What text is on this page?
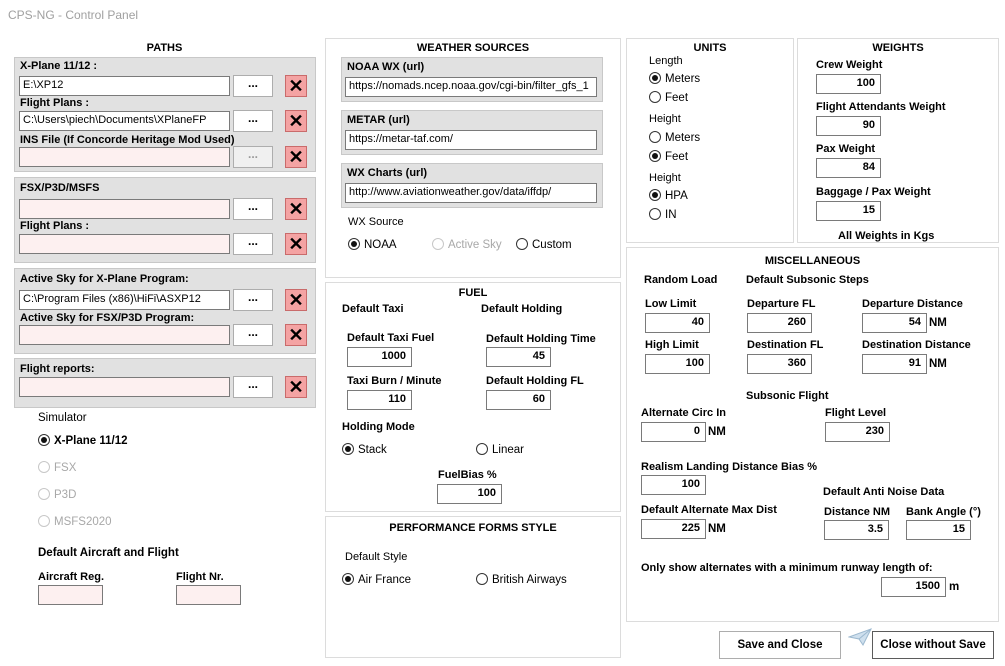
CPS-NG - Control Panel
PATHS
X-Plane 11/12 :
E:\XP12	...	✕
Flight Plans :
C:\Users\piech\Documents\XPlaneFP	...	✕
INS File (If Concorde Heritage Mod Used)
...	✕
FSX/P3D/MSFS
...	✕
Flight Plans :
...	✕
Active Sky for X-Plane Program:
C:\Program Files (x86)\HiFi\ASXP12	...	✕
Active Sky for FSX/P3D Program:
...	✕
Flight reports:
...	✕
Simulator
X-Plane 11/12
FSX
P3D
MSFS2020
Default Aircraft and Flight
Aircraft Reg.	Flight Nr.
WEATHER SOURCES
NOAA WX (url)
https://nomads.ncep.noaa.gov/cgi-bin/filter_gfs_1
METAR (url)
https://metar-taf.com/
WX Charts (url)
http://www.aviationweather.gov/data/iffdp/
WX Source
NOAA	Active Sky	Custom
FUEL
Default Taxi	Default Holding
Default Taxi Fuel
1000
Taxi Burn / Minute
110
Default Holding Time
45
Default Holding FL
60
Holding Mode
Stack	Linear
FuelBias %
100
PERFORMANCE FORMS STYLE
Default Style
Air France	British Airways
UNITS
Length
Meters
Feet
Height
Meters
Feet
Height
HPA
IN
WEIGHTS
Crew Weight
100
Flight Attendants Weight
90
Pax Weight
84
Baggage / Pax Weight
15
All Weights in Kgs
MISCELLANEOUS
Random Load	Default Subsonic Steps
Low Limit
40
High Limit
100
Departure FL
260
Destination FL
360
Departure Distance
54 NM
Destination Distance
91 NM
Subsonic Flight
Alternate Circ In
0 NM
Flight Level
230
Realism Landing Distance Bias %
100
Default Anti Noise Data
Default Alternate Max Dist
225 NM
Distance NM
3.5
Bank Angle (°)
15
Only show alternates with a minimum runway length of:
1500 m
Save and Close	Close without Save
